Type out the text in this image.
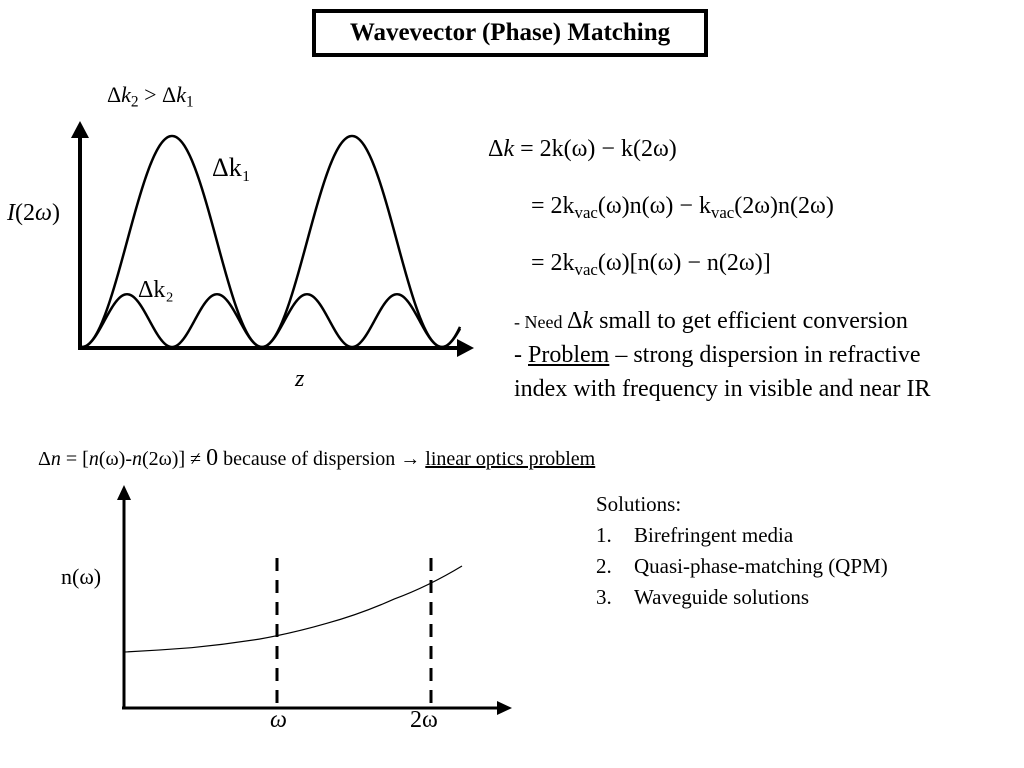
Wavevector (Phase) Matching
$\Delta k_2 > \Delta k_1$
I(2ω)
z
Δk₁
Δk₂
ω	2ω
Δk = 2k(ω) − k(2ω)
= $2k_{vac}(\omega)n(\omega) - k_{vac}(2\omega)n(2\omega)$
= $2k_{vac}(\omega)[n(\omega) - n(2\omega)]$
- Need Δk small to get efficient conversion
- Problem – strong dispersion in refractive
index with frequency in visible and near IR
Δn = [n(ω)-n(2ω)] ≠ 0 because of dispersion → linear optics problem
n(ω)
Solutions:
1. Birefringent media
2. Quasi-phase-matching (QPM)
3. Waveguide solutions
